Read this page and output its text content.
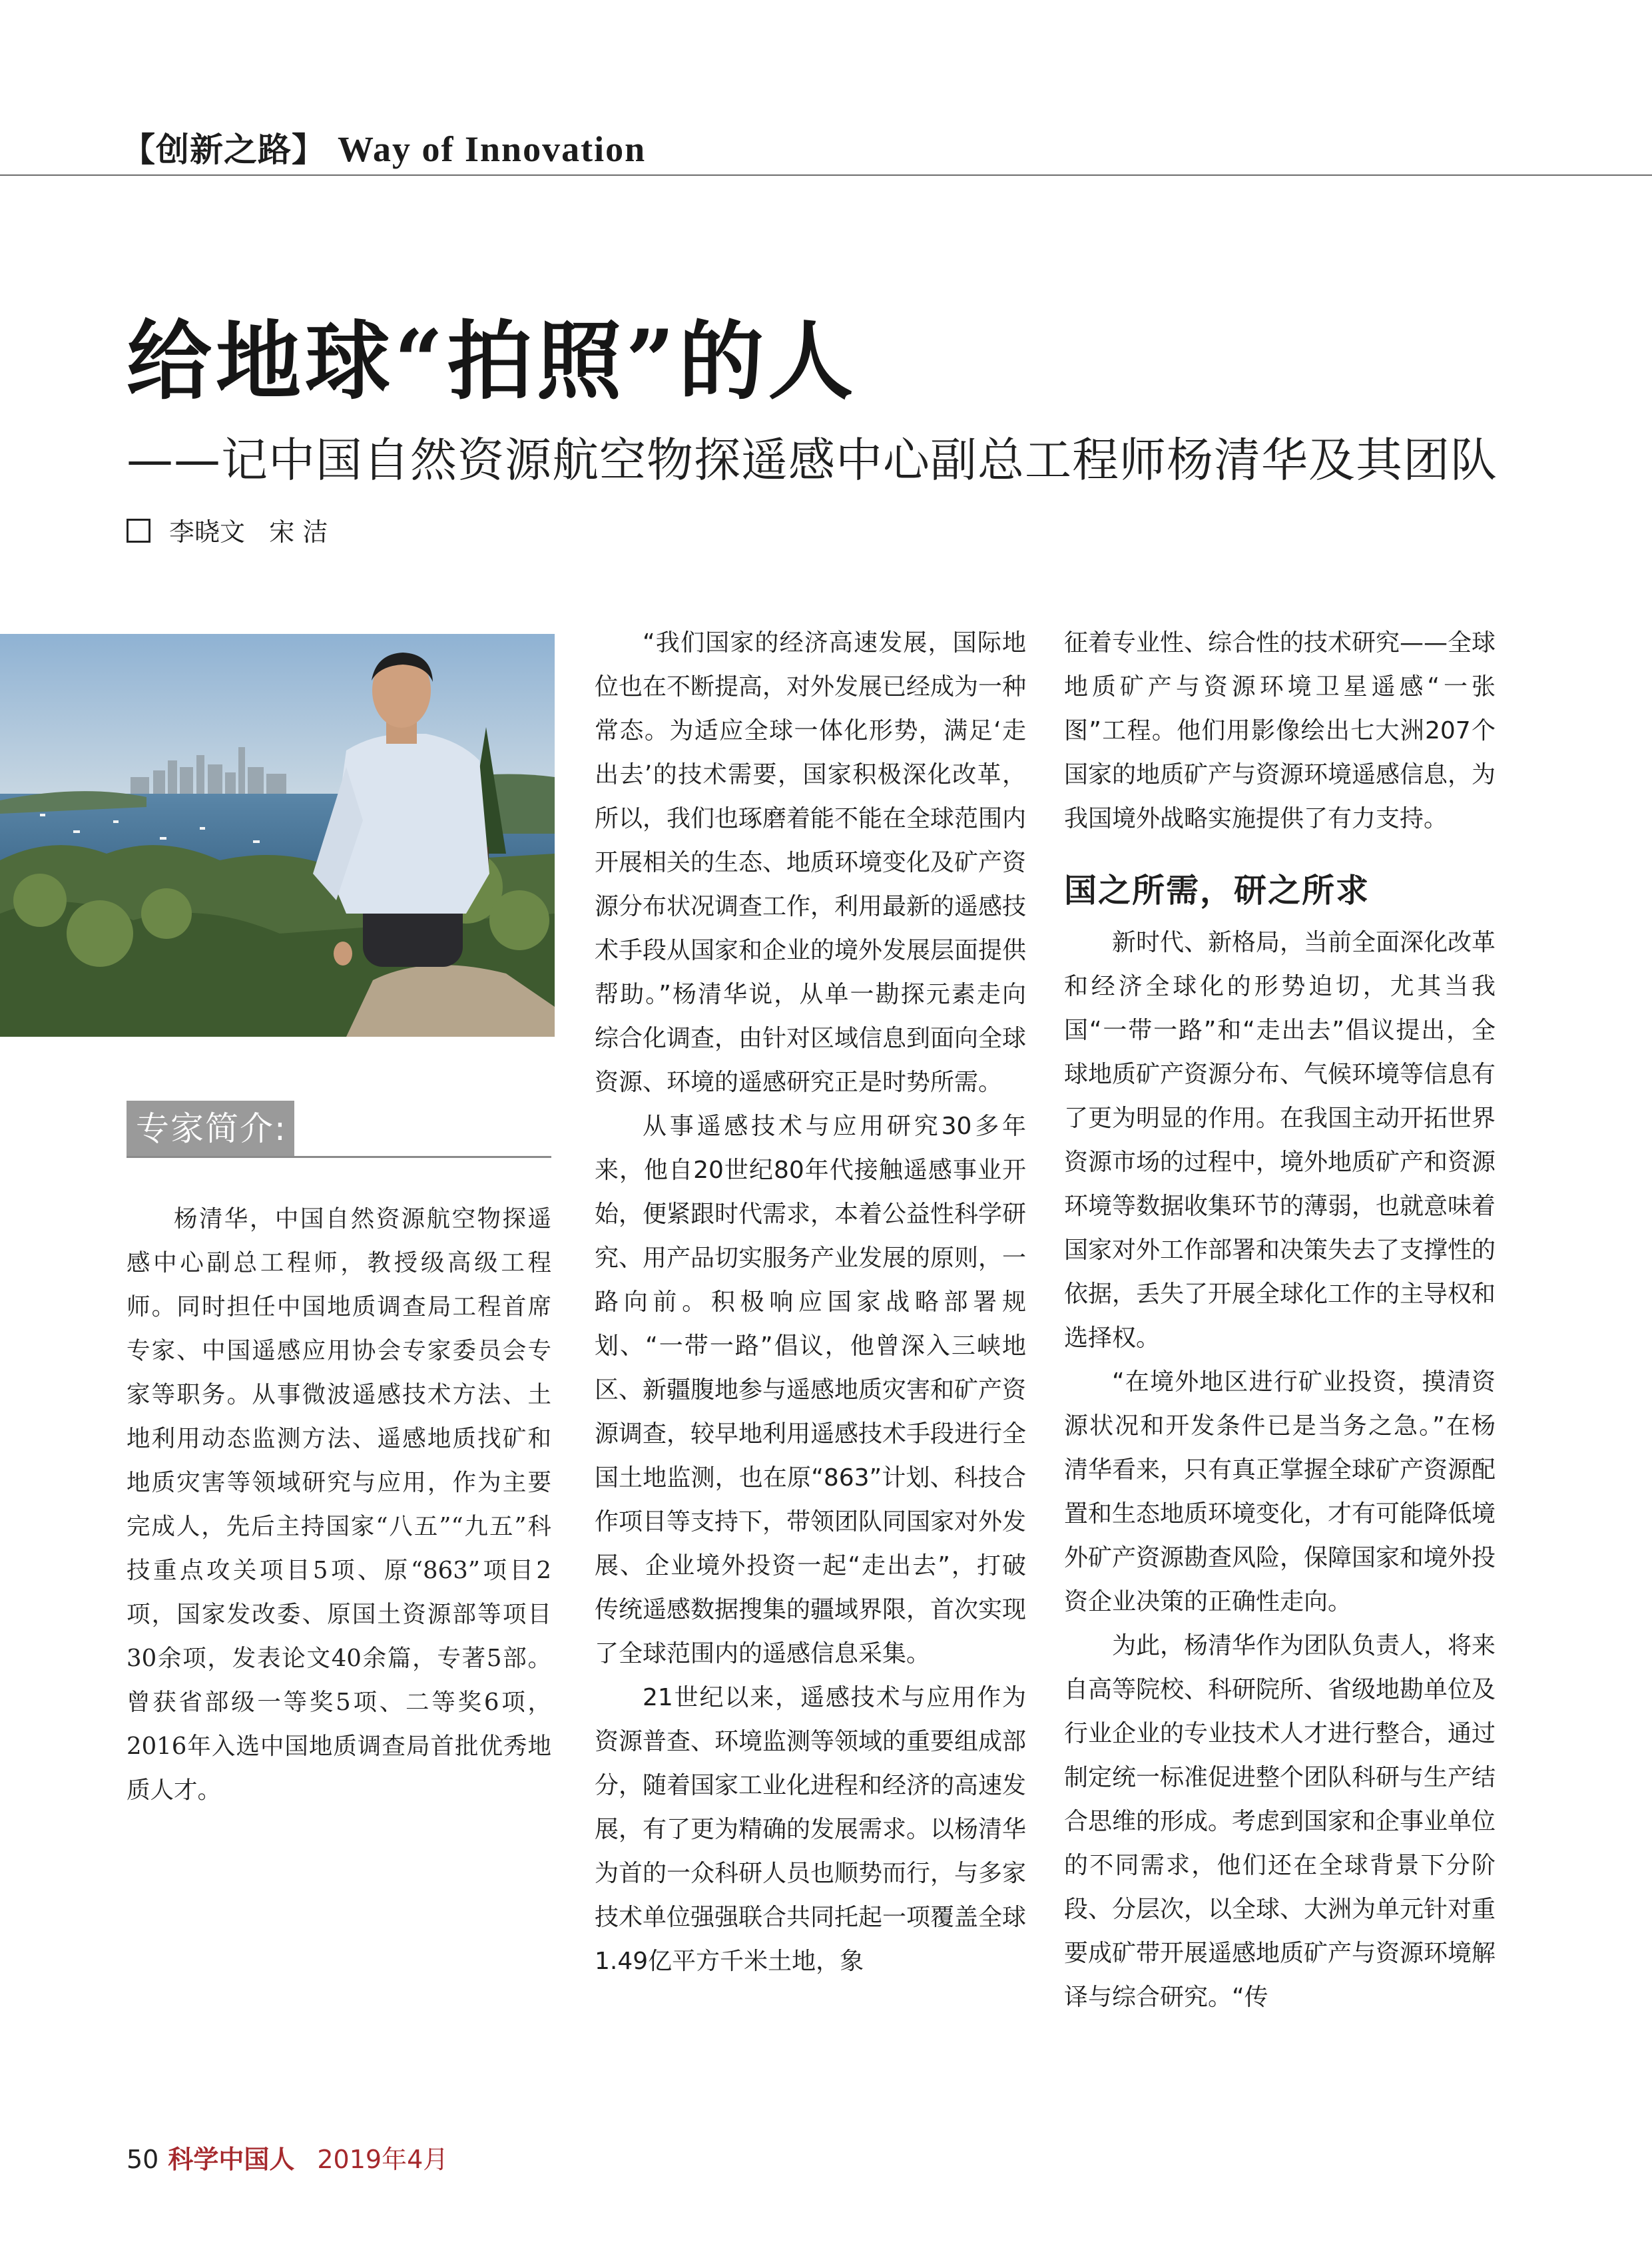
【创新之路】 Way of Innovation
给地球“拍照”的人
——记中国自然资源航空物探遥感中心副总工程师杨清华及其团队
李晓文   宋 洁
专家简介:

杨清华，中国自然资源航空物探遥感中心副总工程师，教授级高级工程师。同时担任中国地质调查局工程首席专家、中国遥感应用协会专家委员会专家等职务。从事微波遥感技术方法、土地利用动态监测方法、遥感地质找矿和地质灾害等领域研究与应用，作为主要完成人，先后主持国家“八五”“九五”科技重点攻关项目5项、原“863”项目2项，国家发改委、原国土资源部等项目30余项，发表论文40余篇，专著5部。曾获省部级一等奖5项、二等奖6项，2016年入选中国地质调查局首批优秀地质人才。

“我们国家的经济高速发展，国际地位也在不断提高，对外发展已经成为一种常态。为适应全球一体化形势，满足‘走出去’的技术需要，国家积极深化改革，所以，我们也琢磨着能不能在全球范围内开展相关的生态、地质环境变化及矿产资源分布状况调查工作，利用最新的遥感技术手段从国家和企业的境外发展层面提供帮助。”杨清华说，从单一勘探元素走向综合化调查，由针对区域信息到面向全球资源、环境的遥感研究正是时势所需。

从事遥感技术与应用研究30多年来，他自20世纪80年代接触遥感事业开始，便紧跟时代需求，本着公益性科学研究、用产品切实服务产业发展的原则，一路向前。积极响应国家战略部署规划、“一带一路”倡议，他曾深入三峡地区、新疆腹地参与遥感地质灾害和矿产资源调查，较早地利用遥感技术手段进行全国土地监测，也在原“863”计划、科技合作项目等支持下，带领团队同国家对外发展、企业境外投资一起“走出去”，打破传统遥感数据搜集的疆域界限，首次实现了全球范围内的遥感信息采集。

21世纪以来，遥感技术与应用作为资源普查、环境监测等领域的重要组成部分，随着国家工业化进程和经济的高速发展，有了更为精确的发展需求。以杨清华为首的一众科研人员也顺势而行，与多家技术单位强强联合共同托起一项覆盖全球1.49亿平方千米土地，象

征着专业性、综合性的技术研究——全球地质矿产与资源环境卫星遥感“一张图”工程。他们用影像绘出七大洲207个国家的地质矿产与资源环境遥感信息，为我国境外战略实施提供了有力支持。

国之所需，研之所求

新时代、新格局，当前全面深化改革和经济全球化的形势迫切，尤其当我国“一带一路”和“走出去”倡议提出，全球地质矿产资源分布、气候环境等信息有了更为明显的作用。在我国主动开拓世界资源市场的过程中，境外地质矿产和资源环境等数据收集环节的薄弱，也就意味着国家对外工作部署和决策失去了支撑性的依据，丢失了开展全球化工作的主导权和选择权。

“在境外地区进行矿业投资，摸清资源状况和开发条件已是当务之急。”在杨清华看来，只有真正掌握全球矿产资源配置和生态地质环境变化，才有可能降低境外矿产资源勘查风险，保障国家和境外投资企业决策的正确性走向。

为此，杨清华作为团队负责人，将来自高等院校、科研院所、省级地勘单位及行业企业的专业技术人才进行整合，通过制定统一标准促进整个团队科研与生产结合思维的形成。考虑到国家和企事业单位的不同需求，他们还在全球背景下分阶段、分层次，以全球、大洲为单元针对重要成矿带开展遥感地质矿产与资源环境解译与综合研究。“传

50 科学中国人 2019年4月
